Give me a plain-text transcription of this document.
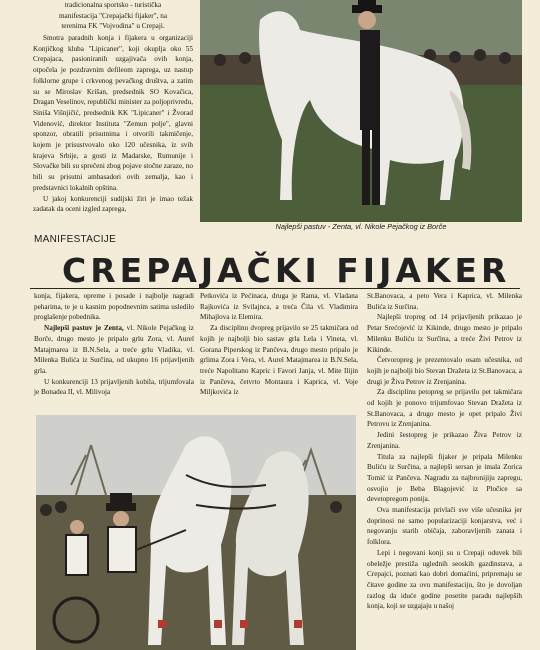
tradicionalna sportsko - turistička

manifestacija "Crepajački fijaker", na

terenima FK "Vojvodina" u Crepaji.

Smotra paradnih konja i fijakera u organizaciji Konjičkog kluba "Lipicaner", koji okuplja oko 55 Crepajaca, pasioniranih uzgajivača ovih konja, otpočela je pozdravnim defileom zaprega, uz nastup folklorne grupe i crkvenog pevačkog društva, a zatim su se Miroslav Krišan, predsednik SO Kovačica, Dragan Veselinov, republički minister za poljoprivredu, Siniša Višnjičić, predsednik KK "Lipicaner" i Žvorad Videnović, direktor Instituta "Zemun polje", glavni sponzor, obratili prisutnima i otvorili takmičenje, kojem je prisustvovalo oko 120 učesnika, iz svih krajeva Srbije, a gosti iz Madarske, Rumunije i Slovačke bili su sprečeni zbog pojave stočne zaraze, no bili su prisutni ambasadori ovih zemalja, kao i predstavnici lokalnih opština.

U jakoj konkurenciji sudijski žiri je imao težak zadatak da oceni izgled zaprega,

Najlepši pastuv - Zenta, vl. Nikole Pejačkog iz Borče
MANIFESTACIJE
CREPAJAČKI FIJAKER

konja, fijakera, opreme i posade i najbolje nagradi peharima, te je u kasnim popodnevnim satima usledilo proglašenje pobednika.

Najlepši pastuv je Zenta, vl. Nikole Pejačkog iz Borče, drugo mesto je pripalo grlu Zora, vl. Aurel Matajmarea iz B.N.Sela, a treće grlu Vladika, vl. Milenka Bulića iz Surčina, od ukupno 16 prijavljenih grla.

U konkurenciji 13 prijavljenih kobila, trijumfovala je Bonadea II, vl. Milivoja

Petkovića iz Pećinaca, druga je Rama, vl. Vladana Rajkovića iz Svilajnca, a treća Čila vl. Vladimira Mihajlova iz Elemira.

Za disciplinu dvopreg prijavilo se 25 takmičara od kojih je najbolji bio sastav grla Lela i Vineta, vl. Gorana Piperskog iz Pančeva, drugo mesto pripalo je grlima Zora i Vera, vl. Aurel Matajmarea iz B.N.Sela, treće Napolitano Kapric i Favori Janja, vl. Mite Ilijin iz Pančeva, četvrto Montaura i Kaprica, vl. Voje Miljkovića iz

St.Banovaca, a peto Vera i Kaprica, vl. Milenka Bulića iz Surčina.

Najlepši tropreg od 14 prijavljenih prikazao je Petar Srećojević iz Kikinde, drugo mesto je pripalo Milenku Buliću iz Surčina, a treće Živi Petrov iz Kikinde.

Četvoropreg je prezentovalo osam učesnika, od kojih je najbolji bio Stevan Dražeta iz St.Banovaca, a drugi je Živa Petrov iz Zrenjanina.

Za disciplinu petopreg se prijavilo pet takmičara od kojih je ponovo trijumfovao Stevan Dražeta iz St.Banovaca, a drugo mesto je opet pripalo Živi Petrovu iz Zrenjanina.

Jedini šestopreg je prikazao Živa Petrov iz Zrenjanina.

Titula za najlepši fijaker je pripala Milenku Buliću iz Surčina, a najlepši sersan je imala Zorica Tomić iz Pančeva. Nagradu za najbronijiju zapregu, osvojio je Beba Blagojević iz Pločice sa devetopregom ponija.

Ova manifestacija privlači sve više učesnika jer doprinosi ne samo popularizaciji konjarstva, već i negovanju starih običaja, zaboravljenih zanata i folklora.

Lepi i negovani konji su u Crepaji oduvek bili obeležje prestiža uglednih seoskih gazdinstava, a Crepajci, poznati kao dobri domaćini, pripremaju se čitave godine za ovu manifestaciju, što je dovoljan razlog da iduće godine posetite paradu najlepših konja, koji se uzgajaju u našoj
